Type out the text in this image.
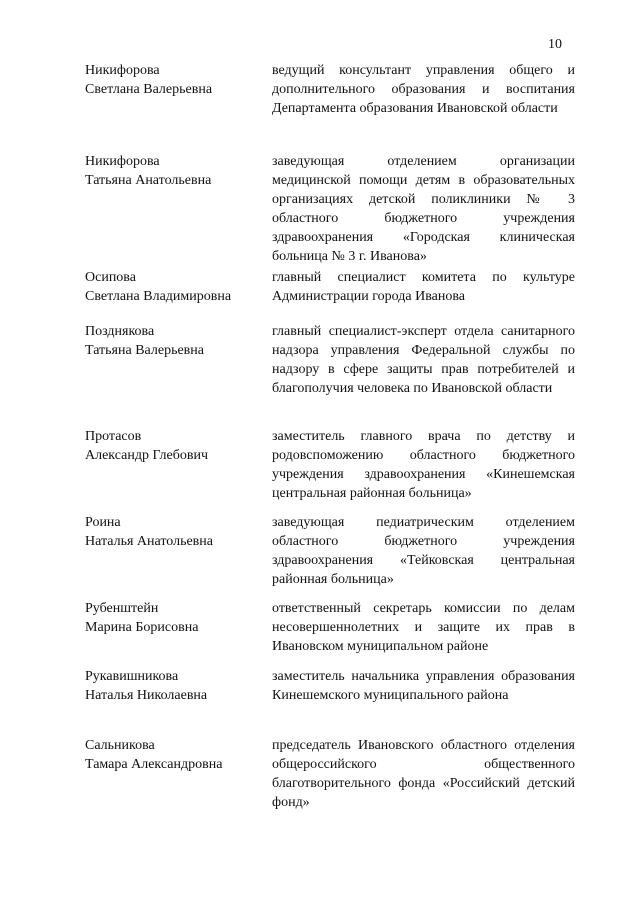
10
Никифорова
Светлана Валерьевна
ведущий консультант управления общего и дополнительного образования и воспитания Департамента образования Ивановской области
Никифорова
Татьяна Анатольевна
заведующая отделением организации медицинской помощи детям в образовательных организациях детской поликлиники № 3 областного бюджетного учреждения здравоохранения «Городская клиническая больница № 3 г. Иванова»
Осипова
Светлана Владимировна
главный специалист комитета по культуре Администрации города Иванова
Позднякова
Татьяна Валерьевна
главный специалист-эксперт отдела санитарного надзора управления Федеральной службы по надзору в сфере защиты прав потребителей и благополучия человека по Ивановской области
Протасов
Александр Глебович
заместитель главного врача по детству и родовспоможению областного бюджетного учреждения здравоохранения «Кинешемская центральная районная больница»
Роина
Наталья Анатольевна
заведующая педиатрическим отделением областного бюджетного учреждения здравоохранения «Тейковская центральная районная больница»
Рубенштейн
Марина Борисовна
ответственный секретарь комиссии по делам несовершеннолетних и защите их прав в Ивановском муниципальном районе
Рукавишникова
Наталья Николаевна
заместитель начальника управления образования Кинешемского муниципального района
Сальникова
Тамара Александровна
председатель Ивановского областного отделения общероссийского общественного благотворительного фонда «Российский детский фонд»
